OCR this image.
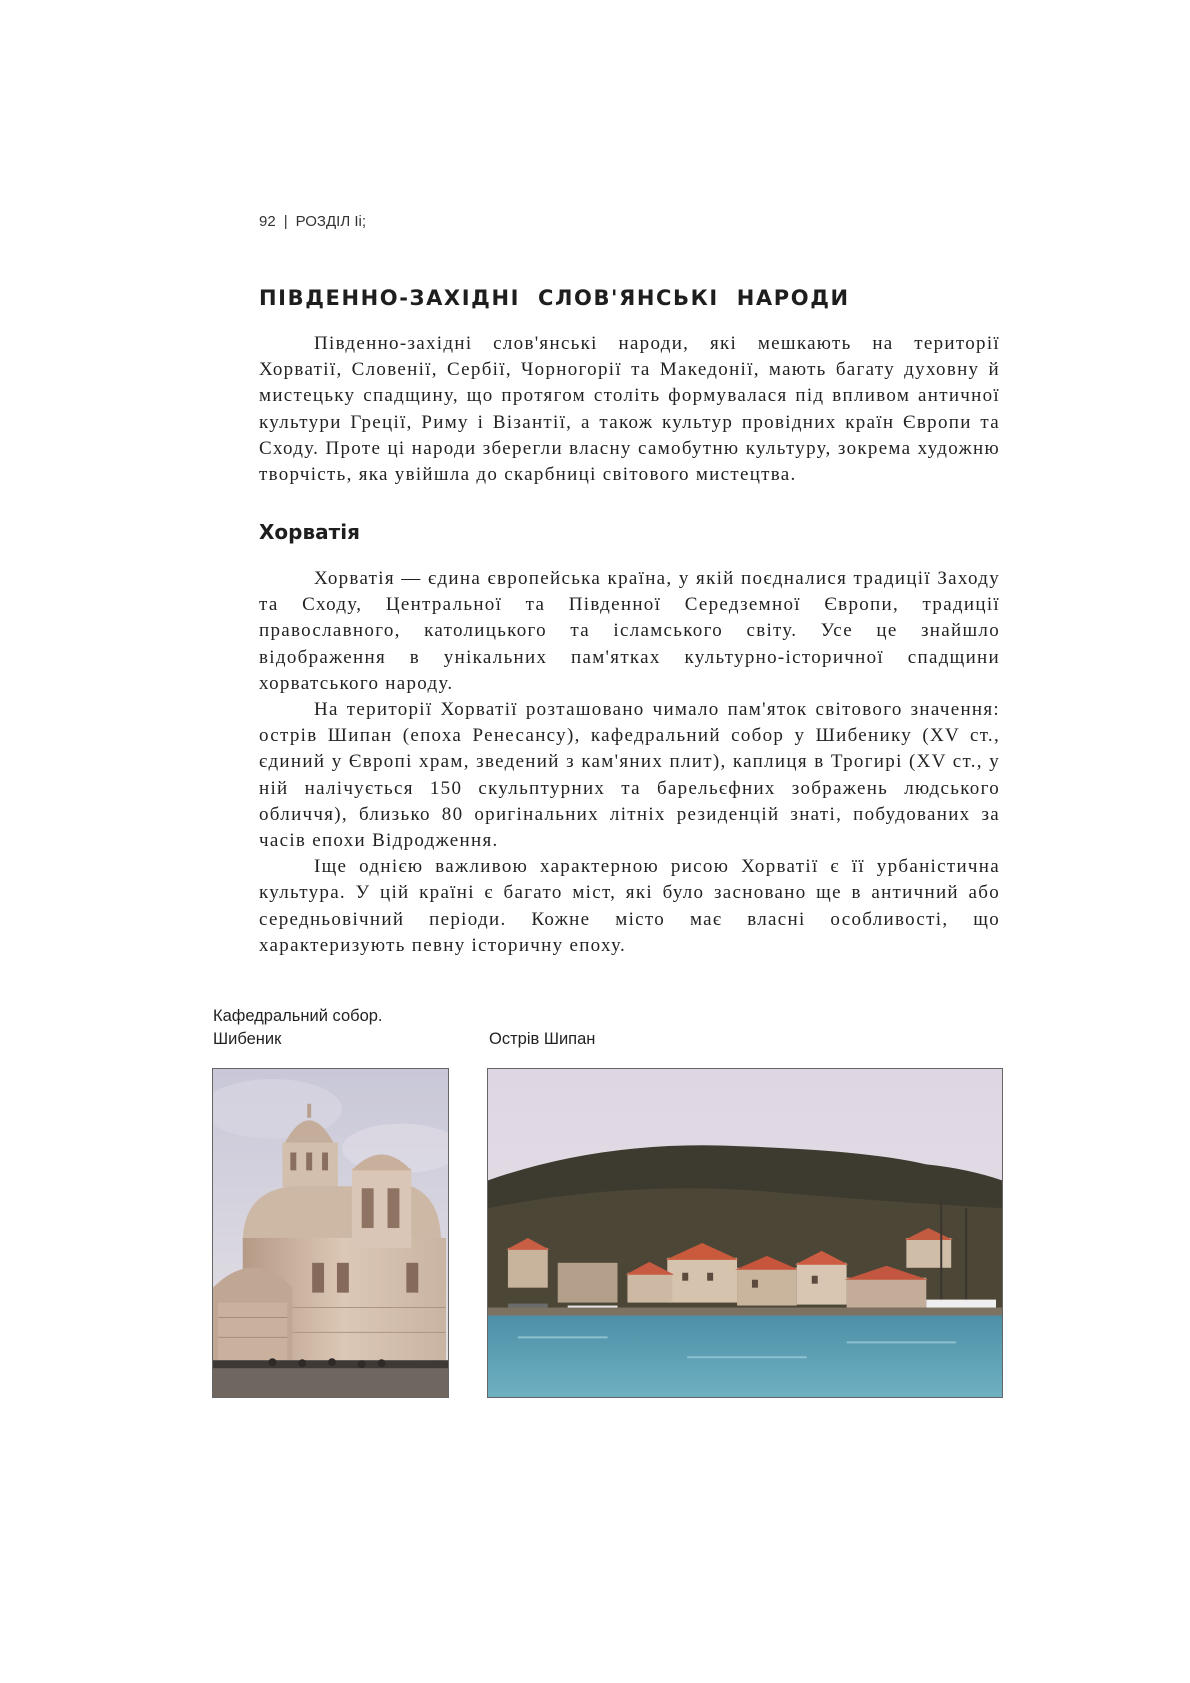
92 | РОЗДІЛ Ii;
ПІВДЕННО-ЗАХІДНІ СЛОВ'ЯНСЬКІ НАРОДИ

Південно-західні слов'янські народи, які мешкають на території Хорватії, Словенії, Сербії, Чорногорії та Македонії, мають багату духовну й мистецьку спадщину, що протягом століть формувалася під впливом античної культури Греції, Риму і Візантії, а також культур провідних країн Європи та Сходу. Проте ці народи зберегли власну самобутню культуру, зокрема художню творчість, яка увійшла до скарбниці світового мистецтва.

Хорватія

Хорватія — єдина європейська країна, у якій поєдналися традиції Заходу та Сходу, Центральної та Південної Середземної Європи, традиції православного, католицького та ісламського світу. Усе це знайшло відображення в унікальних пам'ятках культурно-історичної спадщини хорватського народу.

На території Хорватії розташовано чимало пам'яток світового значення: острів Шипан (епоха Ренесансу), кафедральний собор у Шибенику (XV ст., єдиний у Європі храм, зведений з кам'яних плит), каплиця в Трогирі (XV ст., у ній налічується 150 скульптурних та барельєфних зображень людського обличчя), близько 80 оригінальних літніх резиденцій знаті, побудованих за часів епохи Відродження.

Іще однією важливою характерною рисою Хорватії є її урбаністична культура. У цій країні є багато міст, які було засновано ще в античний або середньовічний періоди. Кожне місто має власні особливості, що характеризують певну історичну епоху.

Кафедральний собор.
Шибеник	Острів Шипан
